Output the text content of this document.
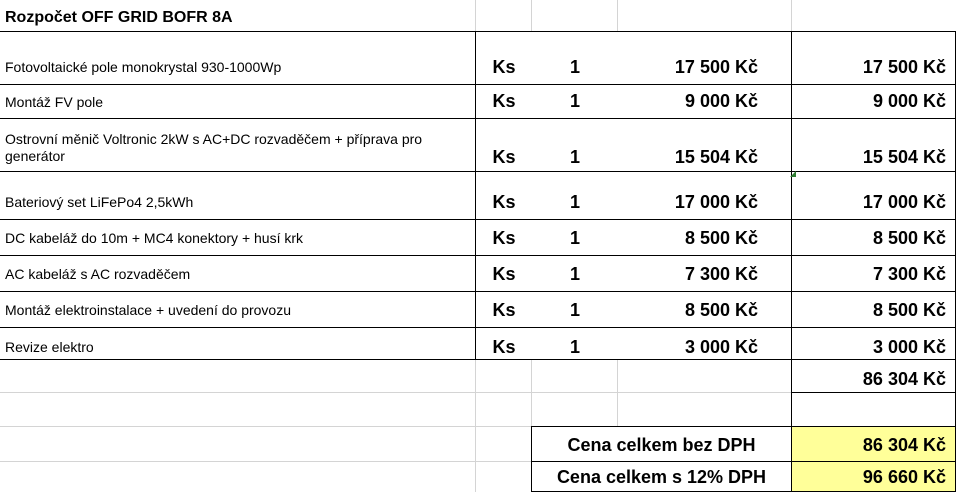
Rozpočet OFF GRID BOFR 8A
Fotovoltaické pole monokrystal 930-1000Wp	Ks	1	17 500 Kč	17 500 Kč
Montáž FV pole	Ks	1	9 000 Kč	9 000 Kč
Ostrovní měnič Voltronic 2kW s AC+DC rozvaděčem + příprava pro generátor	Ks	1	15 504 Kč	15 504 Kč
Bateriový set LiFePo4 2,5kWh	Ks	1	17 000 Kč	17 000 Kč
DC kabeláž do 10m + MC4 konektory + husí krk	Ks	1	8 500 Kč	8 500 Kč
AC kabeláž s AC rozvaděčem	Ks	1	7 300 Kč	7 300 Kč
Montáž elektroinstalace + uvedení do provozu	Ks	1	8 500 Kč	8 500 Kč
Revize elektro	Ks	1	3 000 Kč	3 000 Kč
86 304 Kč
Cena celkem bez DPH	86 304 Kč
Cena celkem s 12% DPH	96 660 Kč
